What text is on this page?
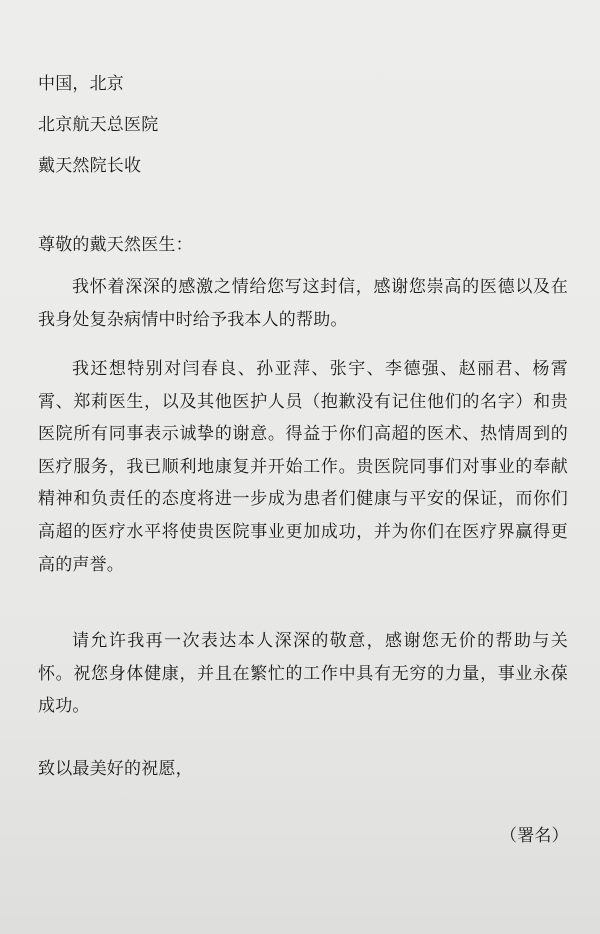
中国，北京
北京航天总医院
戴天然院长收
尊敬的戴天然医生：
我怀着深深的感激之情给您写这封信，感谢您崇高的医德以及在我身处复杂病情中时给予我本人的帮助。
我还想特别对闫春良、孙亚萍、张宇、李德强、赵丽君、杨霄霄、郑莉医生，以及其他医护人员（抱歉没有记住他们的名字）和贵医院所有同事表示诚挚的谢意。得益于你们高超的医术、热情周到的医疗服务，我已顺利地康复并开始工作。贵医院同事们对事业的奉献精神和负责任的态度将进一步成为患者们健康与平安的保证，而你们高超的医疗水平将使贵医院事业更加成功，并为你们在医疗界赢得更高的声誉。
请允许我再一次表达本人深深的敬意，感谢您无价的帮助与关怀。祝您身体健康，并且在繁忙的工作中具有无穷的力量，事业永葆成功。
致以最美好的祝愿，
（署名）
